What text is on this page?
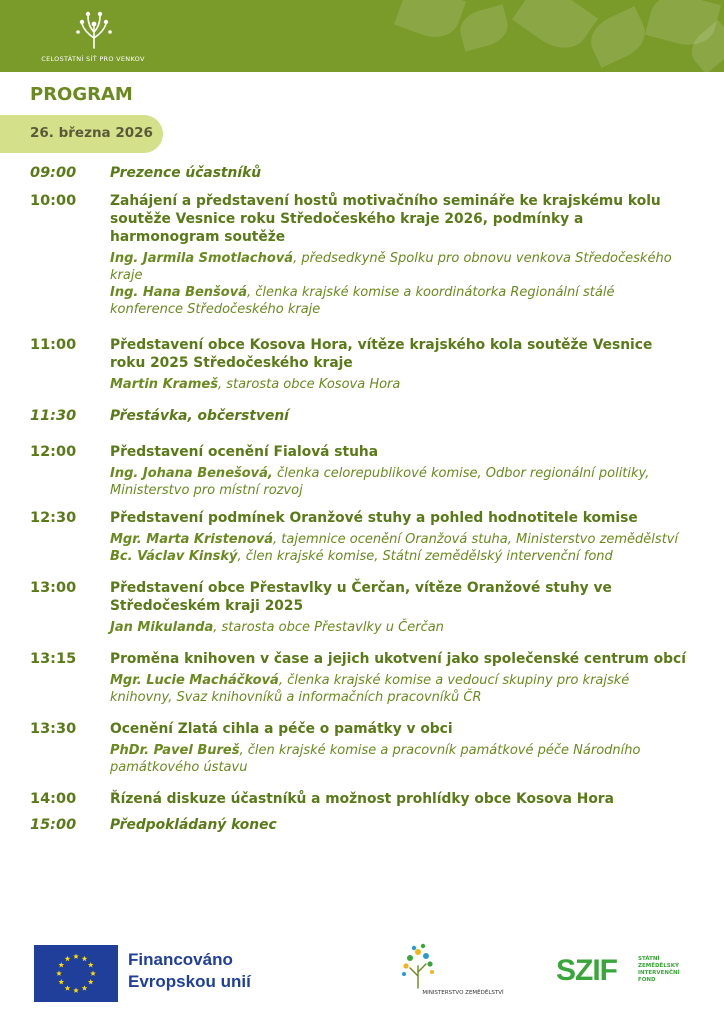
CELOSTÁTNÍ SÍŤ PRO VENKOV
PROGRAM
26. března 2026
09:00	Prezence účastníků
10:00	Zahájení a představení hostů motivačního semináře ke krajskému kolu soutěže Vesnice roku Středočeského kraje 2026, podmínky a harmonogram soutěže
Ing. Jarmila Smotlachová, předsedkyně Spolku pro obnovu venkova Středočeského kraje
Ing. Hana Benšová, členka krajské komise a koordinátorka Regionální stálé konference Středočeského kraje
11:00	Představení obce Kosova Hora, vítěze krajského kola soutěže Vesnice roku 2025 Středočeského kraje
Martin Krameš, starosta obce Kosova Hora
11:30	Přestávka, občerstvení
12:00	Představení ocenění Fialová stuha
Ing. Johana Benešová, členka celorepublikové komise, Odbor regionální politiky, Ministerstvo pro místní rozvoj
12:30	Představení podmínek Oranžové stuhy a pohled hodnotitele komise
Mgr. Marta Kristenová, tajemnice ocenění Oranžová stuha, Ministerstvo zemědělství
Bc. Václav Kinský, člen krajské komise, Státní zemědělský intervenční fond
13:00	Představení obce Přestavlky u Čerčan, vítěze Oranžové stuhy ve Středočeském kraji 2025
Jan Mikulanda, starosta obce Přestavlky u Čerčan
13:15	Proměna knihoven v čase a jejich ukotvení jako společenské centrum obcí
Mgr. Lucie Macháčková, členka krajské komise a vedoucí skupiny pro krajské knihovny, Svaz knihovníků a informačních pracovníků ČR
13:30	Ocenění Zlatá cihla a péče o památky v obci
PhDr. Pavel Bureš, člen krajské komise a pracovník památkové péče Národního památkového ústavu
14:00	Řízená diskuze účastníků a možnost prohlídky obce Kosova Hora
15:00	Předpokládaný konec
Financováno
Evropskou unií
MINISTERSTVO ZEMĚDĚLSTVÍ
SZIF	STÁTNÍ ZEMĚDĚLSKÝ INTERVENČNÍ FOND
